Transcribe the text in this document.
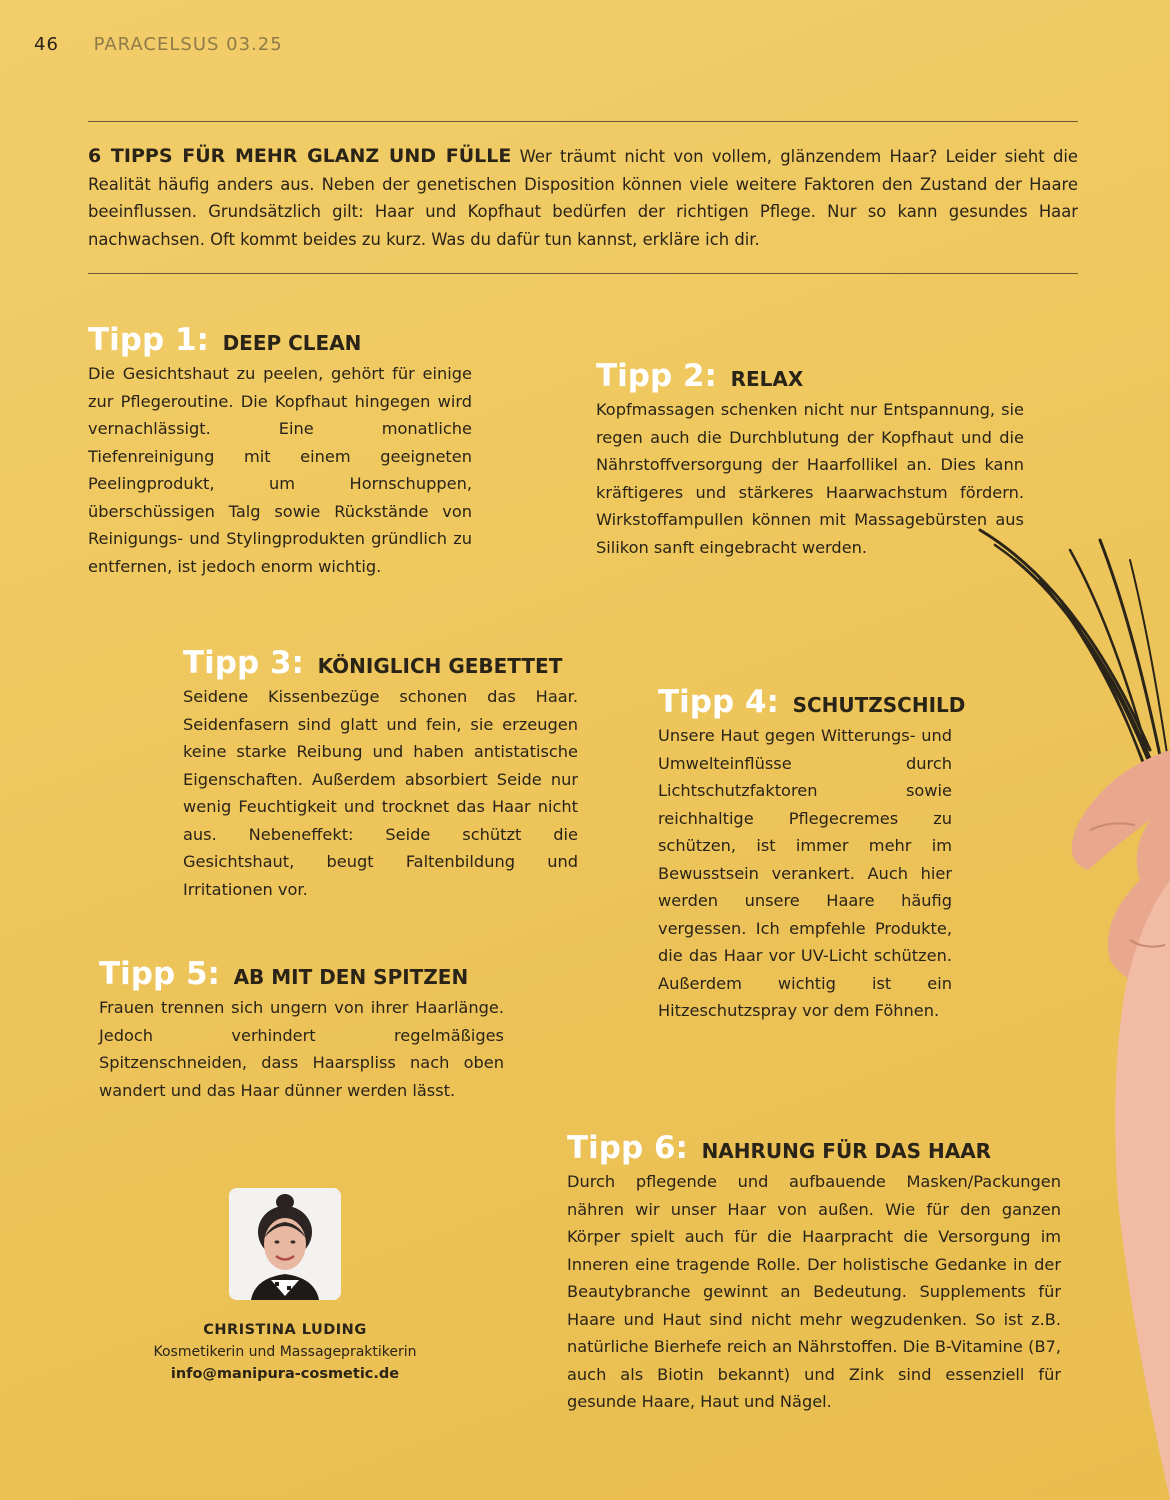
46 PARACELSUS 03.25
6 TIPPS FÜR MEHR GLANZ UND FÜLLE Wer träumt nicht von vollem, glänzendem Haar? Leider sieht die Realität häufig anders aus. Neben der genetischen Disposition können viele weitere Faktoren den Zustand der Haare beeinflussen. Grundsätzlich gilt: Haar und Kopfhaut bedürfen der richtigen Pflege. Nur so kann gesundes Haar nachwachsen. Oft kommt beides zu kurz. Was du dafür tun kannst, erkläre ich dir.
Tipp 1: DEEP CLEAN

Die Gesichtshaut zu peelen, gehört für einige zur Pflegeroutine. Die Kopfhaut hingegen wird vernachlässigt. Eine monatliche Tiefenreinigung mit einem geeigneten Peelingprodukt, um Hornschuppen, überschüssigen Talg sowie Rückstände von Reinigungs- und Stylingprodukten gründlich zu entfernen, ist jedoch enorm wichtig.

Tipp 2: RELAX

Kopfmassagen schenken nicht nur Entspannung, sie regen auch die Durchblutung der Kopfhaut und die Nährstoffversorgung der Haarfollikel an. Dies kann kräftigeres und stärkeres Haarwachstum fördern. Wirkstoffampullen können mit Massagebürsten aus Silikon sanft eingebracht werden.

Tipp 3: KÖNIGLICH GEBETTET

Seidene Kissenbezüge schonen das Haar. Seidenfasern sind glatt und fein, sie erzeugen keine starke Reibung und haben antistatische Eigenschaften. Außerdem absorbiert Seide nur wenig Feuchtigkeit und trocknet das Haar nicht aus. Nebeneffekt: Seide schützt die Gesichtshaut, beugt Faltenbildung und Irritationen vor.

Tipp 4: SCHUTZSCHILD

Unsere Haut gegen Witterungs- und Umwelteinflüsse durch Lichtschutzfaktoren sowie reichhaltige Pflegecremes zu schützen, ist immer mehr im Bewusstsein verankert. Auch hier werden unsere Haare häufig vergessen. Ich empfehle Produkte, die das Haar vor UV-Licht schützen. Außerdem wichtig ist ein Hitzeschutzspray vor dem Föhnen.

Tipp 5: AB MIT DEN SPITZEN

Frauen trennen sich ungern von ihrer Haarlänge. Jedoch verhindert regelmäßiges Spitzenschneiden, dass Haarspliss nach oben wandert und das Haar dünner werden lässt.

Tipp 6: NAHRUNG FÜR DAS HAAR

Durch pflegende und aufbauende Masken/Packungen nähren wir unser Haar von außen. Wie für den ganzen Körper spielt auch für die Haarpracht die Versorgung im Inneren eine tragende Rolle. Der holistische Gedanke in der Beautybranche gewinnt an Bedeutung. Supplements für Haare und Haut sind nicht mehr wegzudenken. So ist z.B. natürliche Bierhefe reich an Nährstoffen. Die B-Vitamine (B7, auch als Biotin bekannt) und Zink sind essenziell für gesunde Haare, Haut und Nägel.

CHRISTINA LUDING
Kosmetikerin und Massagepraktikerin
info@manipura-cosmetic.de
